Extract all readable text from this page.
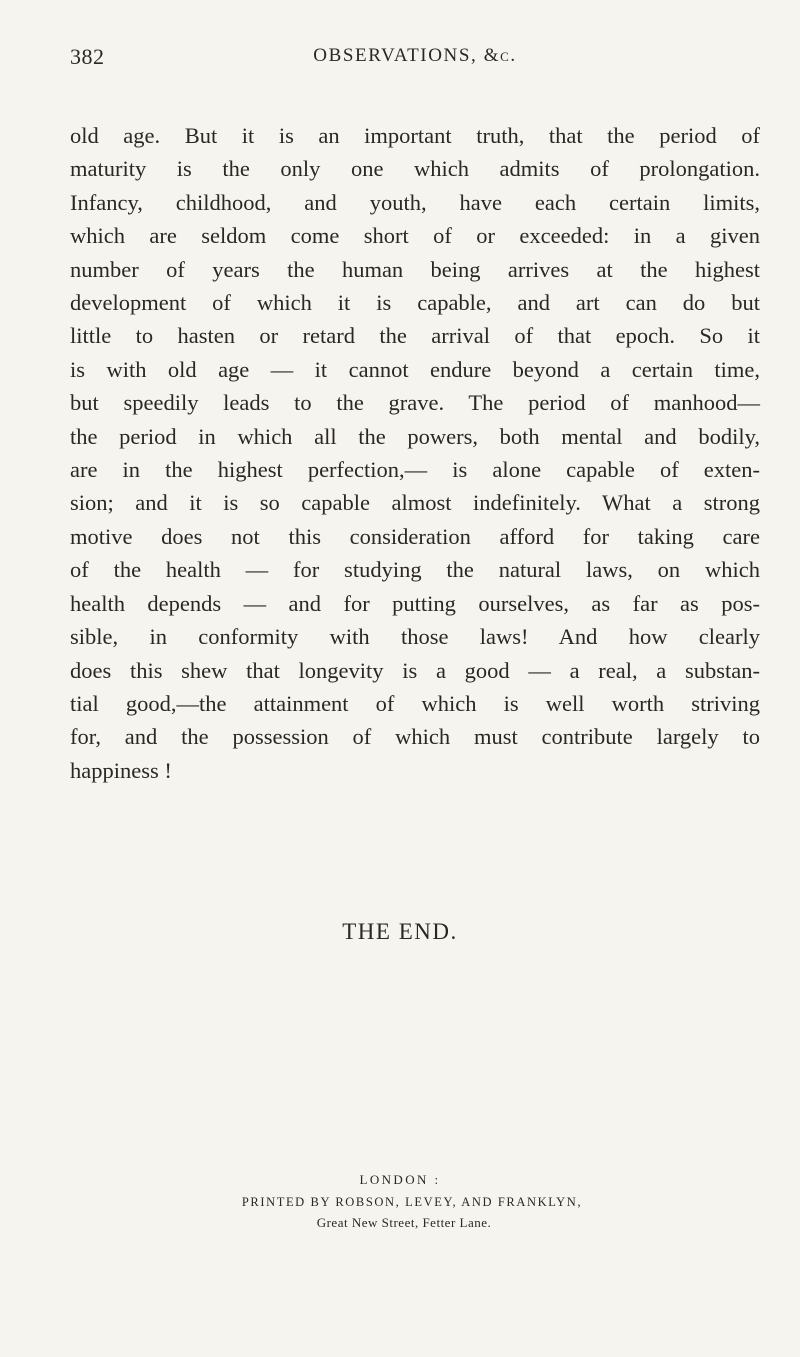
382	OBSERVATIONS, &c.
old age. But it is an important truth, that the period of
maturity is the only one which admits of prolongation.
Infancy, childhood, and youth, have each certain limits,
which are seldom come short of or exceeded: in a given
number of years the human being arrives at the highest
development of which it is capable, and art can do but
little to hasten or retard the arrival of that epoch. So it
is with old age — it cannot endure beyond a certain time,
but speedily leads to the grave. The period of manhood—
the period in which all the powers, both mental and bodily,
are in the highest perfection,— is alone capable of exten-
sion; and it is so capable almost indefinitely. What a strong
motive does not this consideration afford for taking care
of the health — for studying the natural laws, on which
health depends — and for putting ourselves, as far as pos-
sible, in conformity with those laws! And how clearly
does this shew that longevity is a good — a real, a substan-
tial good,—the attainment of which is well worth striving
for, and the possession of which must contribute largely to
happiness !
THE END.
LONDON :
PRINTED BY ROBSON, LEVEY, AND FRANKLYN,
Great New Street, Fetter Lane.
